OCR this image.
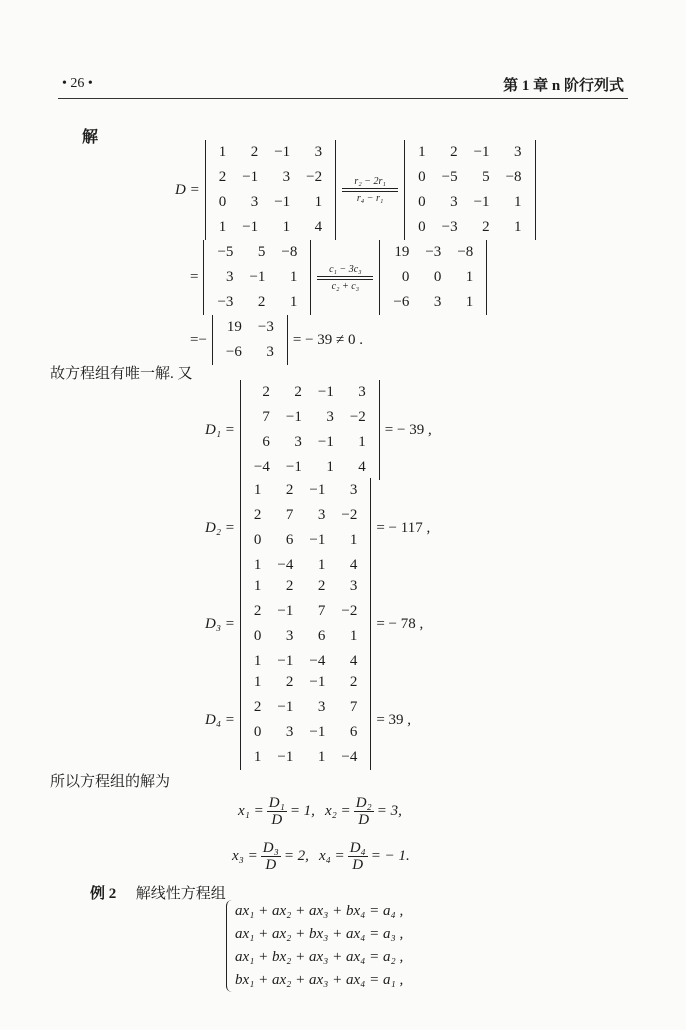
• 26 •	第 1 章 n 阶行列式
解
D =
1	2	−1	3
2	−1	3	−2
0	3	−1	1
1	−1	1	4
r₂ − 2r₁
r₄ − r₁
1	2	−1	3
0	−5	5	−8
0	3	−1	1
0	−3	2	1
=
−5	5	−8
3	−1	1
−3	2	1
c₁ − 3c₃
c₂ + c₃
19	−3	−8
0	0	1
−6	3	1
=−
19	−3
−6	3
= − 39 ≠ 0 .
故方程组有唯一解. 又
D₁ =
2	2	−1	3
7	−1	3	−2
6	3	−1	1
−4	−1	1	4
= − 39 ,
D₂ =
1	2	−1	3
2	7	3	−2
0	6	−1	1
1	−4	1	4
= − 117 ,
D₃ =
1	2	2	3
2	−1	7	−2
0	3	6	1
1	−1	−4	4
= − 78 ,
D₄ =
1	2	−1	2
2	−1	3	7
0	3	−1	6
1	−1	1	−4
= 39 ,
所以方程组的解为
$x_1 = \frac{\text{D₁}}{D} = 1$, $x_2 = \frac{\text{D₂}}{D} = 3$,
$x_3 = \frac{\text{D₃}}{D} = 2$, $x_4 = \frac{\text{D₄}}{D}$ = − 1.
例 2 解线性方程组
ax₁ + ax₂ + ax₃ + bx₄ = a₄ ,
ax₁ + ax₂ + bx₃ + ax₄ = a₃ ,
ax₁ + bx₂ + ax₃ + ax₄ = a₂ ,
bx₁ + ax₂ + ax₃ + ax₄ = a₁ ,
